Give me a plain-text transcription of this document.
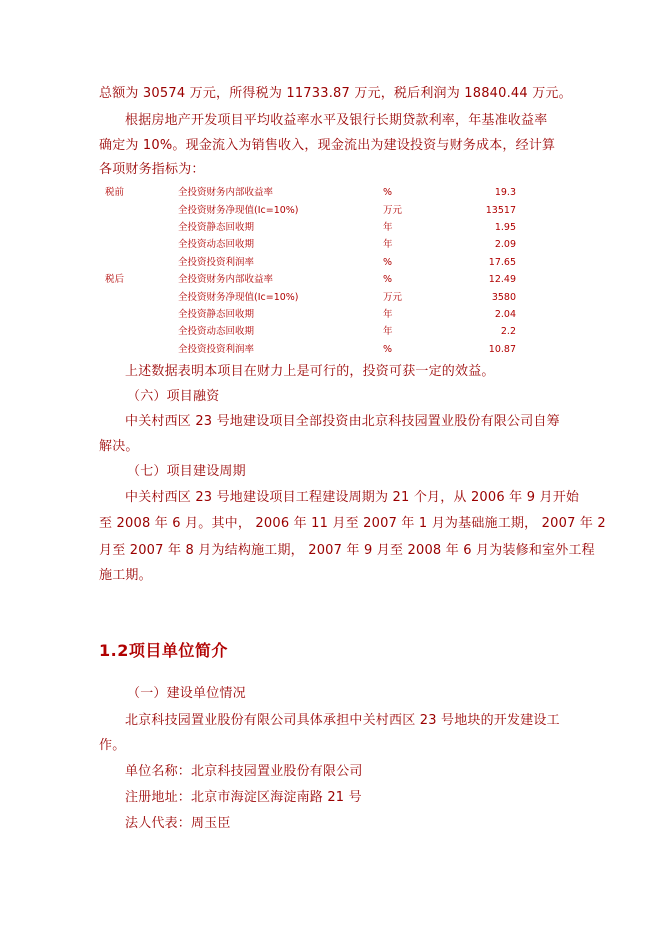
总额为 30574 万元，所得税为 11733.87 万元，税后利润为 18840.44 万元。
根据房地产开发项目平均收益率水平及银行长期贷款利率，年基准收益率
确定为 10%。现金流入为销售收入，现金流出为建设投资与财务成本，经计算
各项财务指标为：
税前	全投资财务内部收益率	%	19.3
全投资财务净现值(Ic=10%)	万元	13517
全投资静态回收期	年	1.95
全投资动态回收期	年	2.09
全投资投资利润率	%	17.65
税后	全投资财务内部收益率	%	12.49
全投资财务净现值(Ic=10%)	万元	3580
全投资静态回收期	年	2.04
全投资动态回收期	年	2.2
全投资投资利润率	%	10.87
上述数据表明本项目在财力上是可行的，投资可获一定的效益。
（六）项目融资
中关村西区 23 号地建设项目全部投资由北京科技园置业股份有限公司自筹
解决。
（七）项目建设周期
中关村西区 23 号地建设项目工程建设周期为 21 个月，从 2006 年 9 月开始
至 2008 年 6 月。其中， 2006 年 11 月至 2007 年 1 月为基础施工期， 2007 年 2
月至 2007 年 8 月为结构施工期， 2007 年 9 月至 2008 年 6 月为装修和室外工程
施工期。
1.2项目单位简介
（一）建设单位情况
北京科技园置业股份有限公司具体承担中关村西区 23 号地块的开发建设工
作。
单位名称：北京科技园置业股份有限公司
注册地址：北京市海淀区海淀南路 21 号
法人代表：周玉臣
